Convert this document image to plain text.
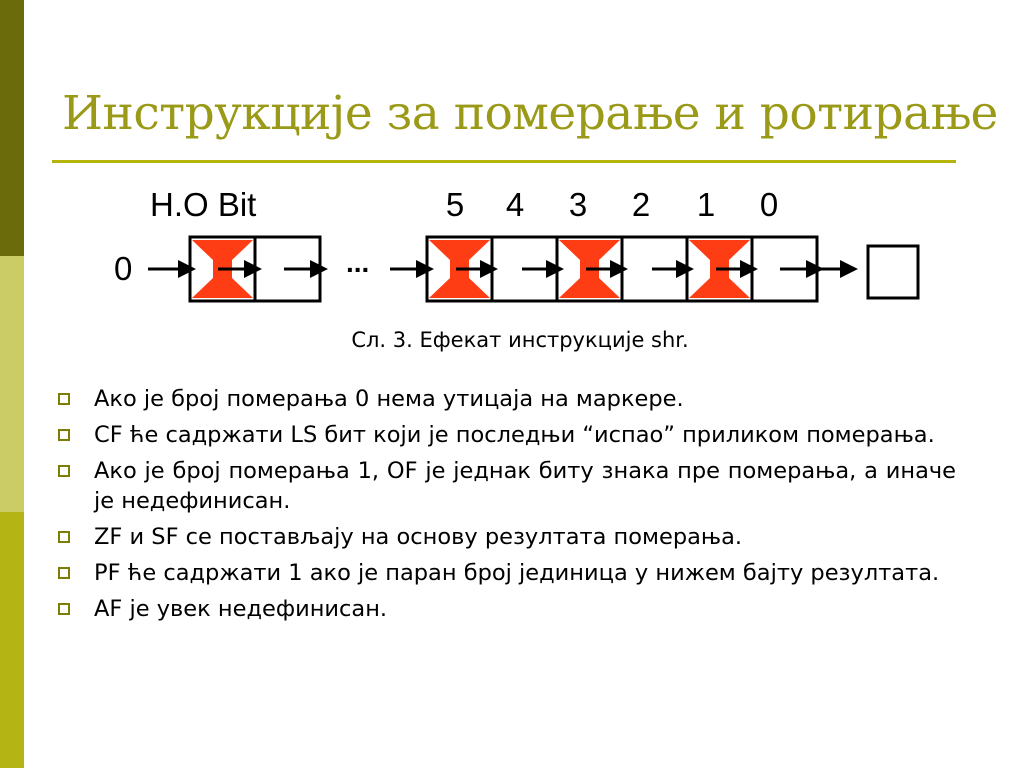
Инструкције за померање и ротирање
H.O Bit	5 4 3 2 1 0
0	...
Сл. 3. Ефекат инструкције shr.
Ако је број померања 0 нема утицаја на маркере.
CF ће садржати LS бит који је последњи “испао” приликом померања.
Ако је број померања 1, OF је једнак биту знака пре померања, а иначе је недефинисан.
ZF и SF се постављају на основу резултата померања.
PF ће садржати 1 ако је паран број јединица у нижем бајту резултата.
AF је увек недефинисан.
